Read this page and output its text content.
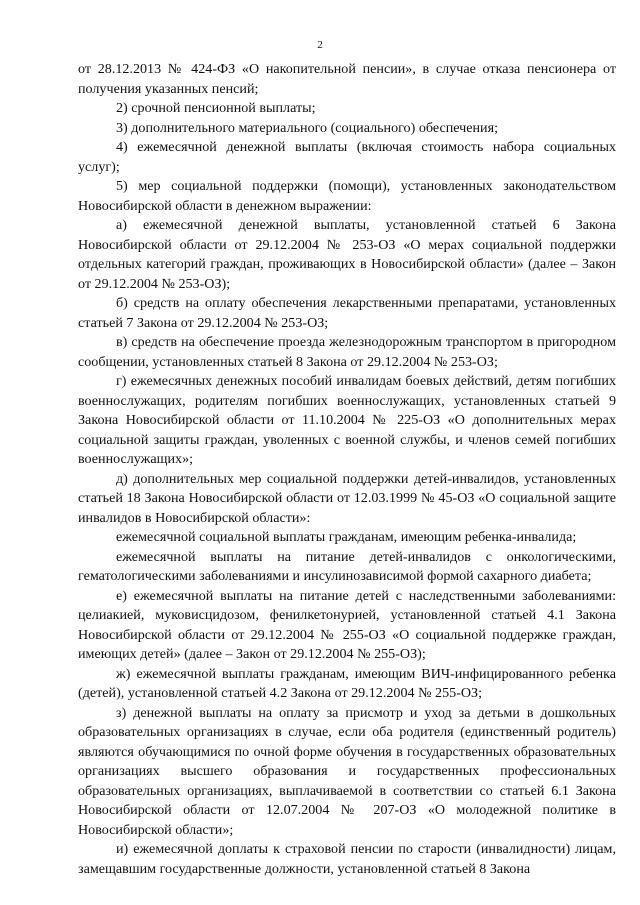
2

от 28.12.2013 № 424-ФЗ «О накопительной пенсии», в случае отказа пенсионера от получения указанных пенсий;

2) срочной пенсионной выплаты;

3) дополнительного материального (социального) обеспечения;

4) ежемесячной денежной выплаты (включая стоимость набора социальных услуг);

5) мер социальной поддержки (помощи), установленных законодательством Новосибирской области в денежном выражении:

а) ежемесячной денежной выплаты, установленной статьей 6 Закона Новосибирской области от 29.12.2004 № 253-ОЗ «О мерах социальной поддержки отдельных категорий граждан, проживающих в Новосибирской области» (далее – Закон от 29.12.2004 № 253-ОЗ);

б) средств на оплату обеспечения лекарственными препаратами, установленных статьей 7 Закона от 29.12.2004 № 253-ОЗ;

в) средств на обеспечение проезда железнодорожным транспортом в пригородном сообщении, установленных статьей 8 Закона от 29.12.2004 № 253-ОЗ;

г) ежемесячных денежных пособий инвалидам боевых действий, детям погибших военнослужащих, родителям погибших военнослужащих, установленных статьей 9 Закона Новосибирской области от 11.10.2004 № 225-ОЗ «О дополнительных мерах социальной защиты граждан, уволенных с военной службы, и членов семей погибших военнослужащих»;

д) дополнительных мер социальной поддержки детей-инвалидов, установленных статьей 18 Закона Новосибирской области от 12.03.1999 № 45-ОЗ «О социальной защите инвалидов в Новосибирской области»:

ежемесячной социальной выплаты гражданам, имеющим ребенка-инвалида;

ежемесячной выплаты на питание детей-инвалидов с онкологическими, гематологическими заболеваниями и инсулинозависимой формой сахарного диабета;

е) ежемесячной выплаты на питание детей с наследственными заболеваниями: целиакией, муковисцидозом, фенилкетонурией, установленной статьей 4.1 Закона Новосибирской области от 29.12.2004 № 255-ОЗ «О социальной поддержке граждан, имеющих детей» (далее – Закон от 29.12.2004 № 255-ОЗ);

ж) ежемесячной выплаты гражданам, имеющим ВИЧ-инфицированного ребенка (детей), установленной статьей 4.2 Закона от 29.12.2004 № 255-ОЗ;

з) денежной выплаты на оплату за присмотр и уход за детьми в дошкольных образовательных организациях в случае, если оба родителя (единственный родитель) являются обучающимися по очной форме обучения в государственных образовательных организациях высшего образования и государственных профессиональных образовательных организациях, выплачиваемой в соответствии со статьей 6.1 Закона Новосибирской области от 12.07.2004 № 207-ОЗ «О молодежной политике в Новосибирской области»;

и) ежемесячной доплаты к страховой пенсии по старости (инвалидности) лицам, замещавшим государственные должности, установленной статьей 8 Закона
